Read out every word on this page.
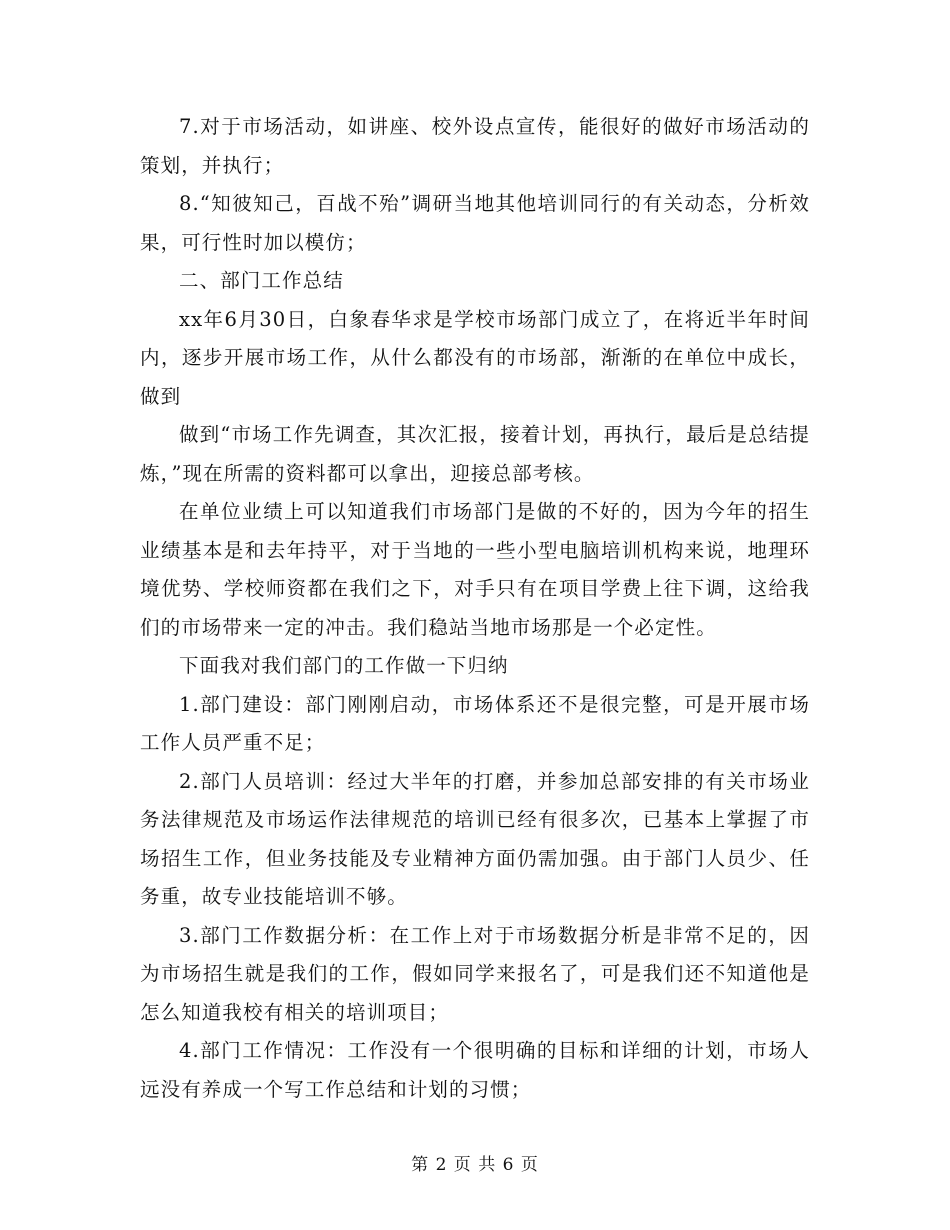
7.对于市场活动，如讲座、校外设点宣传，能很好的做好市场活动的策划，并执行；

8.“知彼知己，百战不殆”调研当地其他培训同行的有关动态，分析效果，可行性时加以模仿；

二、部门工作总结

xx年6月30日，白象春华求是学校市场部门成立了，在将近半年时间内，逐步开展市场工作，从什么都没有的市场部，渐渐的在单位中成长，做到

做到“市场工作先调查，其次汇报，接着计划，再执行，最后是总结提炼，”现在所需的资料都可以拿出，迎接总部考核。

在单位业绩上可以知道我们市场部门是做的不好的，因为今年的招生业绩基本是和去年持平，对于当地的一些小型电脑培训机构来说，地理环境优势、学校师资都在我们之下，对手只有在项目学费上往下调，这给我们的市场带来一定的冲击。我们稳站当地市场那是一个必定性。

下面我对我们部门的工作做一下归纳

1.部门建设：部门刚刚启动，市场体系还不是很完整，可是开展市场工作人员严重不足；

2.部门人员培训：经过大半年的打磨，并参加总部安排的有关市场业务法律规范及市场运作法律规范的培训已经有很多次，已基本上掌握了市场招生工作，但业务技能及专业精神方面仍需加强。由于部门人员少、任务重，故专业技能培训不够。

3.部门工作数据分析：在工作上对于市场数据分析是非常不足的，因为市场招生就是我们的工作，假如同学来报名了，可是我们还不知道他是怎么知道我校有相关的培训项目；

4.部门工作情况：工作没有一个很明确的目标和详细的计划，市场人远没有养成一个写工作总结和计划的习惯；

第 2 页 共 6 页
